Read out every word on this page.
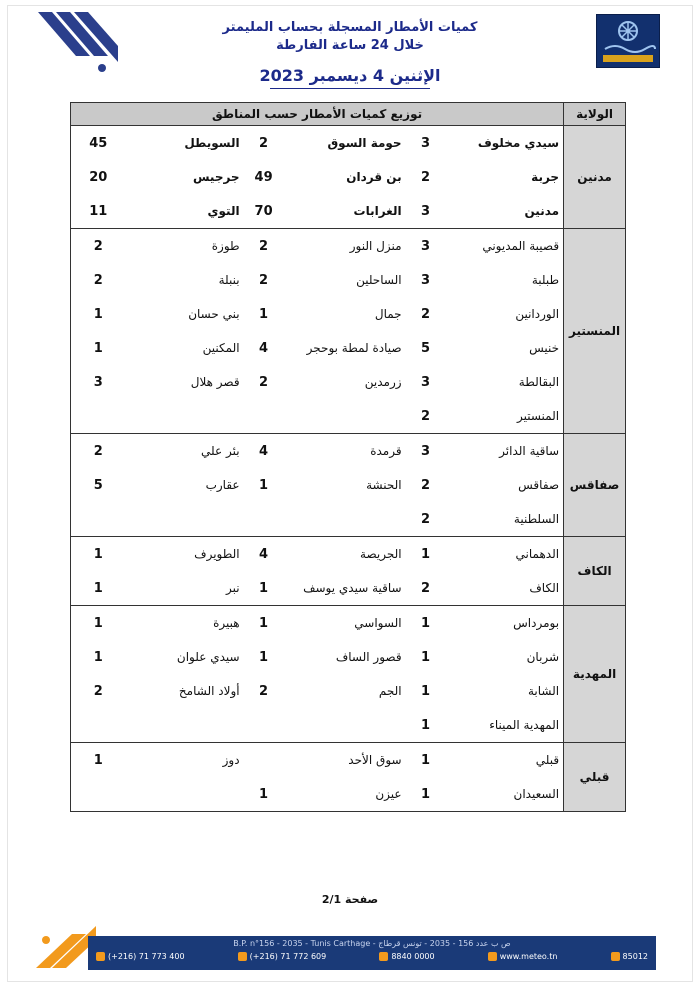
كميات الأمطار المسجلة بحساب المليمتر
خلال 24 ساعة الفارطة
الإثنين 4 ديسمبر 2023
الولاية	توزيع كميات الأمطار حسب المناطق					
مدنين	سيدي مخلوف	3	حومة السوق	2	السويطل	45
	جربة	2	بن قردان	49	جرجيس	20
	مدنين	3	الغرابات	70	التوي	11
المنستير	قصيبة المديوني	3	منزل النور	2	طوزة	2
	طبلبة	3	الساحلين	2	بنبلة	2
	الوردانين	2	جمال	1	بني حسان	1
	خنيس	5	صيادة لمطة بوحجر	4	المكنين	1
	البقالطة	3	زرمدين	2	قصر هلال	3
	المنستير	2				
صفاقس	ساقية الدائر	3	قرمدة	4	بئر علي	2
	صفاقس	2	الحنشة	1	عقارب	5
	السلطنية	2				
الكاف	الدهماني	1	الجريصة	4	الطويرف	1
	الكاف	2	ساقية سيدي يوسف	1	نبر	1
المهدية	بومرداس	1	السواسي	1	هبيرة	1
	شربان	1	قصور الساف	1	سيدي علوان	1
	الشابة	1	الجم	2	أولاد الشامخ	2
	المهدية الميناء	1				
قبلي	قبلي	1	سوق الأحد		دوز	1
	السعيدان	1	عيزن	1		
صفحة 2/1
B.P. n°156 - 2035 - Tunis Carthage - ص ب عدد 156 - 2035 - تونس قرطاج
(+216) 71 773 400	(+216) 71 772 609	8840 0000	www.meteo.tn	85012
